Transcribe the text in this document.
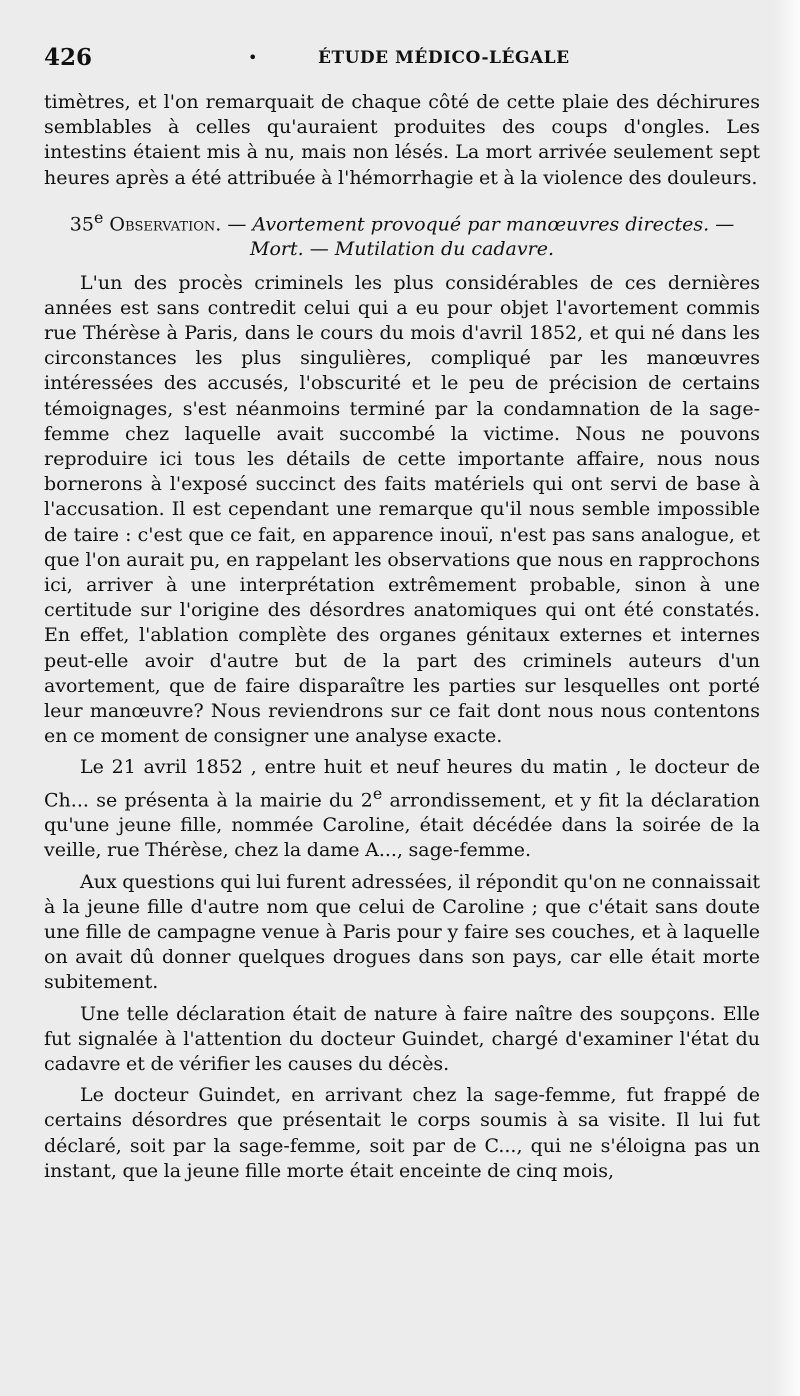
426	•	ÉTUDE MÉDICO-LÉGALE

timètres, et l'on remarquait de chaque côté de cette plaie des déchirures semblables à celles qu'auraient produites des coups d'ongles. Les intestins étaient mis à nu, mais non lésés. La mort arrivée seulement sept heures après a été attribuée à l'hémorrhagie et à la violence des douleurs.

35e Observation. — Avortement provoqué par manœuvres directes. —
Mort. — Mutilation du cadavre.

L'un des procès criminels les plus considérables de ces dernières années est sans contredit celui qui a eu pour objet l'avortement commis rue Thérèse à Paris, dans le cours du mois d'avril 1852, et qui né dans les circonstances les plus singulières, compliqué par les manœuvres intéressées des accusés, l'obscurité et le peu de précision de certains témoignages, s'est néanmoins terminé par la condamnation de la sage-femme chez laquelle avait succombé la victime. Nous ne pouvons reproduire ici tous les détails de cette importante affaire, nous nous bornerons à l'exposé succinct des faits matériels qui ont servi de base à l'accusation. Il est cependant une remarque qu'il nous semble impossible de taire : c'est que ce fait, en apparence inouï, n'est pas sans analogue, et que l'on aurait pu, en rappelant les observations que nous en rapprochons ici, arriver à une interprétation extrêmement probable, sinon à une certitude sur l'origine des désordres anatomiques qui ont été constatés. En effet, l'ablation complète des organes génitaux externes et internes peut-elle avoir d'autre but de la part des criminels auteurs d'un avortement, que de faire disparaître les parties sur lesquelles ont porté leur manœuvre? Nous reviendrons sur ce fait dont nous nous contentons en ce moment de consigner une analyse exacte.

Le 21 avril 1852 , entre huit et neuf heures du matin , le docteur de Ch... se présenta à la mairie du 2e arrondissement, et y fit la déclaration qu'une jeune fille, nommée Caroline, était décédée dans la soirée de la veille, rue Thérèse, chez la dame A..., sage-femme.

Aux questions qui lui furent adressées, il répondit qu'on ne connaissait à la jeune fille d'autre nom que celui de Caroline ; que c'était sans doute une fille de campagne venue à Paris pour y faire ses couches, et à laquelle on avait dû donner quelques drogues dans son pays, car elle était morte subitement.

Une telle déclaration était de nature à faire naître des soupçons. Elle fut signalée à l'attention du docteur Guindet, chargé d'examiner l'état du cadavre et de vérifier les causes du décès.

Le docteur Guindet, en arrivant chez la sage-femme, fut frappé de certains désordres que présentait le corps soumis à sa visite. Il lui fut déclaré, soit par la sage-femme, soit par de C..., qui ne s'éloigna pas un instant, que la jeune fille morte était enceinte de cinq mois,
